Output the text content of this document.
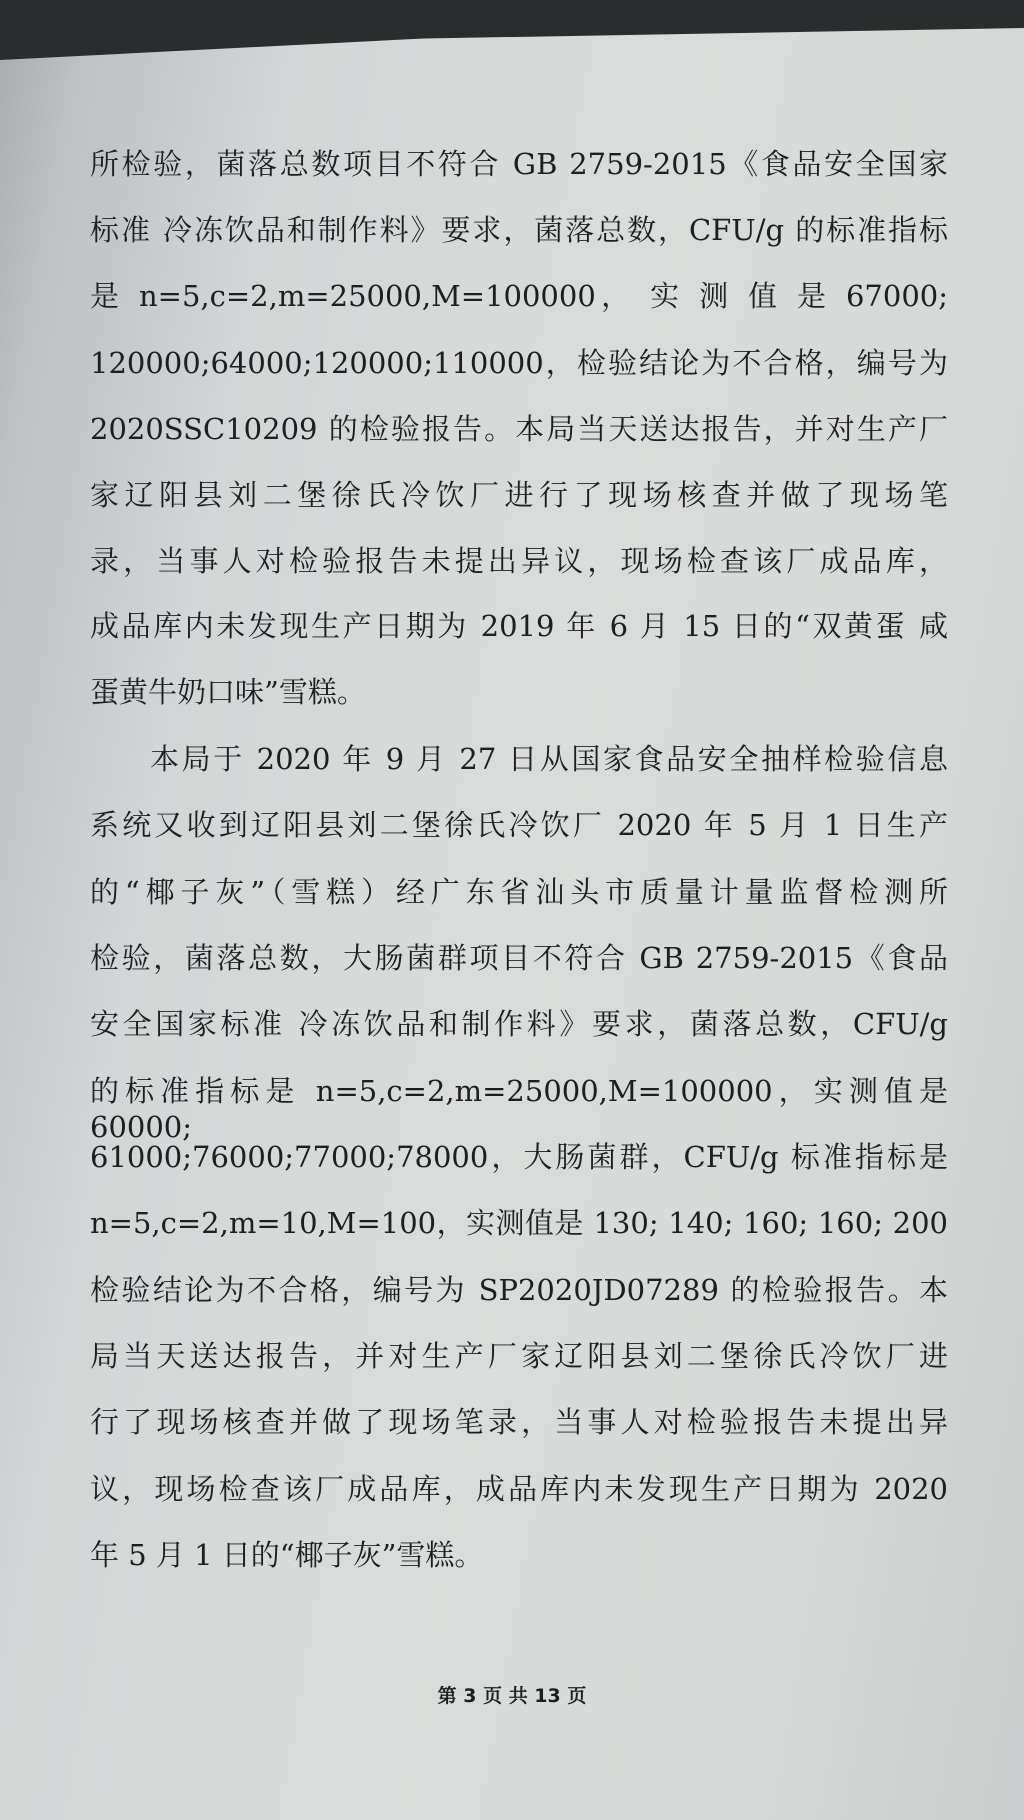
所检验，菌落总数项目不符合 GB 2759-2015《食品安全国家
标准 冷冻饮品和制作料》要求，菌落总数，CFU/g 的标准指标
是 n=5,c=2,m=25000,M=100000， 实 测 值 是 67000;
120000;64000;120000;110000，检验结论为不合格，编号为
2020SSC10209 的检验报告。本局当天送达报告，并对生产厂
家辽阳县刘二堡徐氏冷饮厂进行了现场核查并做了现场笔
录，当事人对检验报告未提出异议，现场检查该厂成品库，
成品库内未发现生产日期为 2019 年 6 月 15 日的“双黄蛋 咸
蛋黄牛奶口味”雪糕。
本局于 2020 年 9 月 27 日从国家食品安全抽样检验信息
系统又收到辽阳县刘二堡徐氏冷饮厂 2020 年 5 月 1 日生产
的“椰子灰”（雪糕）经广东省汕头市质量计量监督检测所
检验，菌落总数，大肠菌群项目不符合 GB 2759-2015《食品
安全国家标准 冷冻饮品和制作料》要求，菌落总数，CFU/g
的标准指标是 n=5,c=2,m=25000,M=100000，实测值是 60000;
61000;76000;77000;78000，大肠菌群，CFU/g 标准指标是
n=5,c=2,m=10,M=100，实测值是 130; 140; 160; 160; 200
检验结论为不合格，编号为 SP2020JD07289 的检验报告。本
局当天送达报告，并对生产厂家辽阳县刘二堡徐氏冷饮厂进
行了现场核查并做了现场笔录，当事人对检验报告未提出异
议，现场检查该厂成品库，成品库内未发现生产日期为 2020
年 5 月 1 日的“椰子灰”雪糕。
第 3 页 共 13 页
